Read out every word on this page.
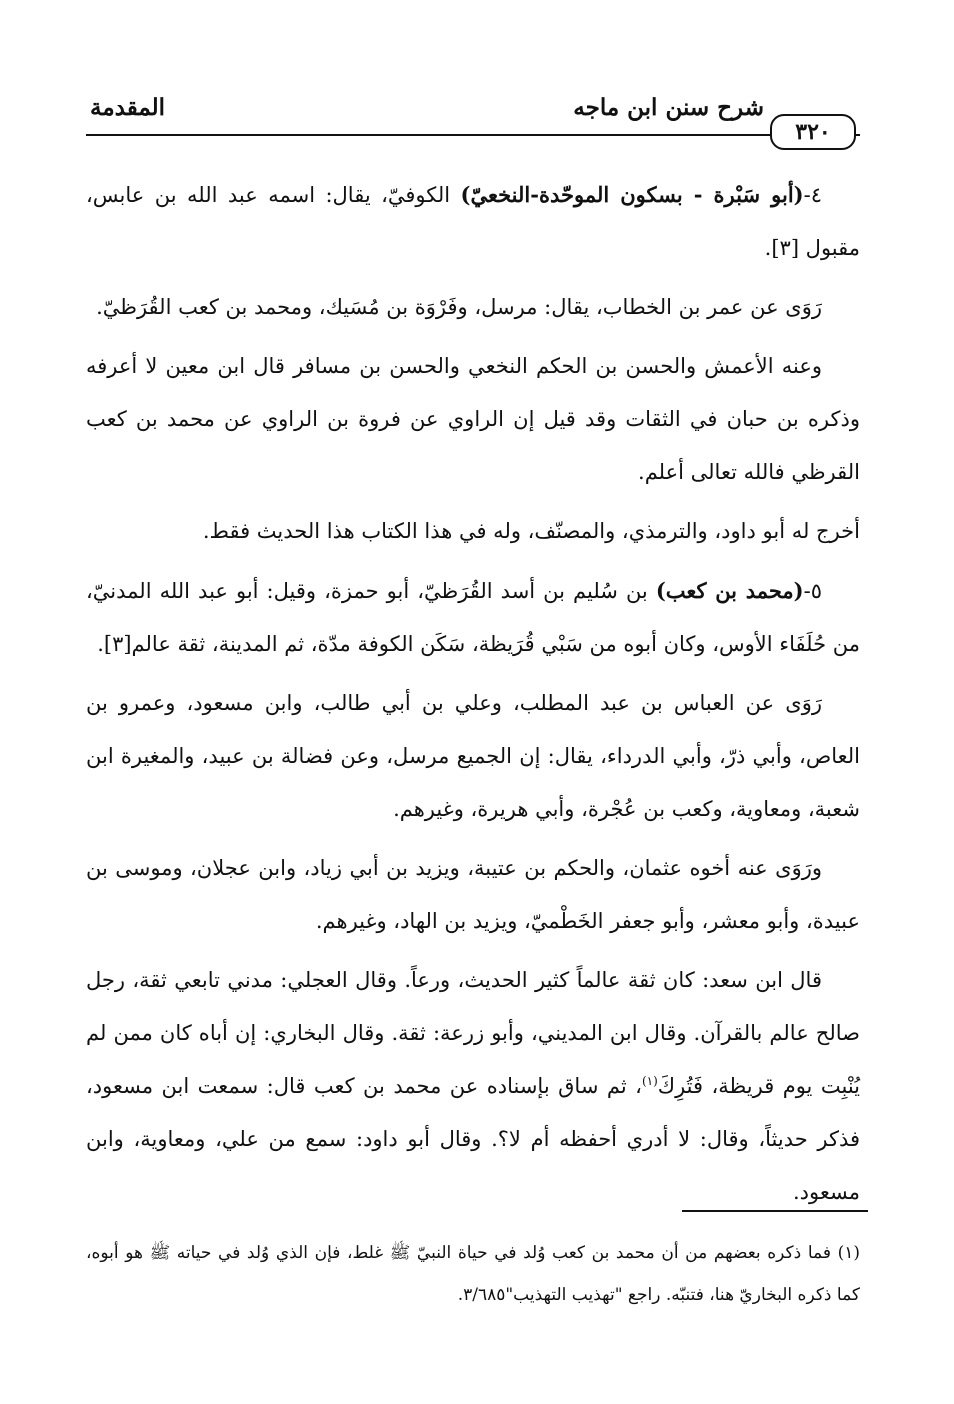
٣٢٠
شرح سنن ابن ماجه
المقدمة

٤-(أبو سَبْرة - بسكون الموحّدة-النخعيّ) الكوفيّ، يقال: اسمه عبد الله بن عابس، مقبول [٣].

رَوَى عن عمر بن الخطاب، يقال: مرسل، وفَرْوَة بن مُسَيك، ومحمد بن كعب القُرَظيّ.

وعنه الأعمش والحسن بن الحكم النخعي والحسن بن مسافر قال ابن معين لا أعرفه وذكره بن حبان في الثقات وقد قيل إن الراوي عن فروة بن الراوي عن محمد بن كعب القرظي فالله تعالى أعلم.

أخرج له أبو داود، والترمذي، والمصنّف، وله في هذا الكتاب هذا الحديث فقط.

٥-(محمد بن كعب) بن سُليم بن أسد القُرَظيّ، أبو حمزة، وقيل: أبو عبد الله المدنيّ، من حُلَفَاء الأوس، وكان أبوه من سَبْي قُرَيظة، سَكَن الكوفة مدّة، ثم المدينة، ثقة عالم[٣].

رَوَى عن العباس بن عبد المطلب، وعلي بن أبي طالب، وابن مسعود، وعمرو بن العاص، وأبي ذرّ، وأبي الدرداء، يقال: إن الجميع مرسل، وعن فضالة بن عبيد، والمغيرة ابن شعبة، ومعاوية، وكعب بن عُجْرة، وأبي هريرة، وغيرهم.

ورَوَى عنه أخوه عثمان، والحكم بن عتيبة، ويزيد بن أبي زياد، وابن عجلان، وموسى بن عبيدة، وأبو معشر، وأبو جعفر الخَطْميّ، ويزيد بن الهاد، وغيرهم.

قال ابن سعد: كان ثقة عالماً كثير الحديث، ورعاً. وقال العجلي: مدني تابعي ثقة، رجل صالح عالم بالقرآن. وقال ابن المديني، وأبو زرعة: ثقة. وقال البخاري: إن أباه كان ممن لم يُنْبِت يوم قريظة، فَتُرِكَ$^{(١)}$، ثم ساق بإسناده عن محمد بن كعب قال: سمعت ابن مسعود، فذكر حديثاً، وقال: لا أدري أحفظه أم لا؟. وقال أبو داود: سمع من علي، ومعاوية، وابن مسعود.

(١) فما ذكره بعضهم من أن محمد بن كعب وُلد في حياة النبيّ ﷺ غلط، فإن الذي وُلد في حياته ﷺ هو أبوه، كما ذكره البخاريّ هنا، فتنبّه. راجع "تهذيب التهذيب"٣/٦٨٥.
